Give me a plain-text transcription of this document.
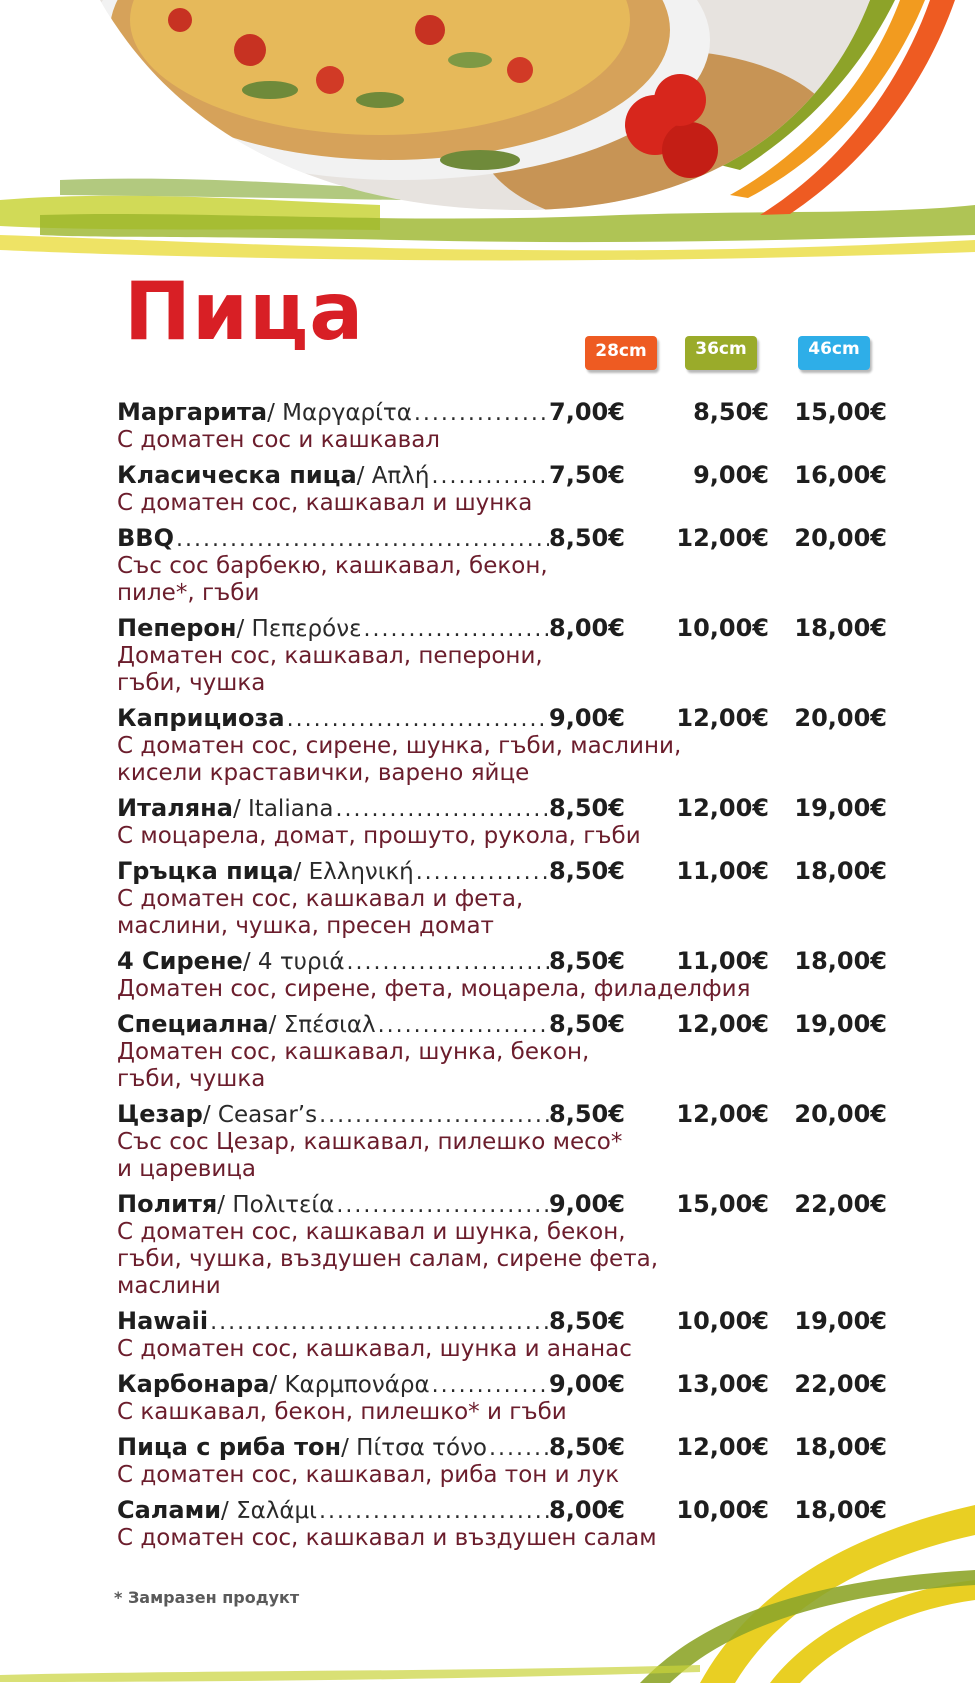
Пица	28cm	36cm	46cm
Маргарита / Μαργαρίτα .....	7,00€	8,50€	15,00€
С доматен сос и кашкавал
Класическа пица / Απλή .....	7,50€	9,00€	16,00€
С доматен сос, кашкавал и шунка
BBQ .....	8,50€	12,00€	20,00€
Със сос барбекю, кашкавал, бекон,
пиле*, гъби
Пеперон / Πεπερόνε .....	8,00€	10,00€	18,00€
Доматен сос, кашкавал, пеперони,
гъби, чушка
Каприциоза .....	9,00€	12,00€	20,00€
С доматен сос, сирене, шунка, гъби, маслини,
кисели краставички, варено яйце
Италяна / Italiana .....	8,50€	12,00€	19,00€
С моцарела, домат, прошуто, рукола, гъби
Гръцка пица / Ελληνική .....	8,50€	11,00€	18,00€
С доматен сос, кашкавал и фета,
маслини, чушка, пресен домат
4 Сирене / 4 τυριά .....	8,50€	11,00€	18,00€
Доматен сос, сирене, фета, моцарела, филаделфия
Специална / Σπέσιαλ .....	8,50€	12,00€	19,00€
Доматен сос, кашкавал, шунка, бекон,
гъби, чушка
Цезар / Ceasar’s .....	8,50€	12,00€	20,00€
Със сос Цезар, кашкавал, пилешко месо*
и царевица
Политя / Πολιτεία .....	9,00€	15,00€	22,00€
С доматен сос, кашкавал и шунка, бекон,
гъби, чушка, въздушен салам, сирене фета, маслини
Hawaii .....	8,50€	10,00€	19,00€
С доматен сос, кашкавал, шунка и ананас
Карбонара / Καρμπονάρα .....	9,00€	13,00€	22,00€
С кашкавал, бекон, пилешко* и гъби
Пица с риба тон / Πίτσα τόνο .....	8,50€	12,00€	18,00€
С доматен сос, кашкавал, риба тон и лук
Салами / Σαλάμι .....	8,00€	10,00€	18,00€
С доматен сос, кашкавал и въздушен салам
* Замразен продукт
